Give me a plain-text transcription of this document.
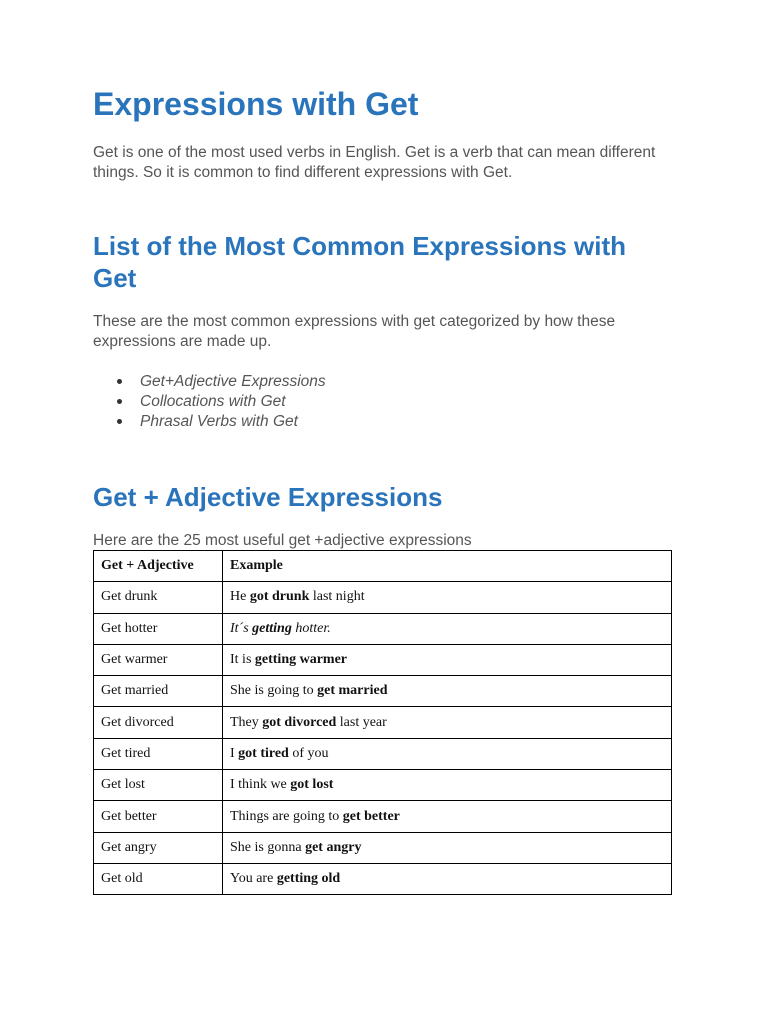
Expressions with Get

Get is one of the most used verbs in English. Get is a verb that can mean different things. So it is common to find different expressions with Get.

List of the Most Common Expressions with Get

These are the most common expressions with get categorized by how these expressions are made up.

Get+Adjective Expressions
Collocations with Get
Phrasal Verbs with Get
Get + Adjective Expressions

Here are the 25 most useful get +adjective expressions

Get + Adjective	Example
Get drunk	He got drunk last night
Get hotter	It´s getting hotter.
Get warmer	It is getting warmer
Get married	She is going to get married
Get divorced	They got divorced last year
Get tired	I got tired of you
Get lost	I think we got lost
Get better	Things are going to get better
Get angry	She is gonna get angry
Get old	You are getting old
